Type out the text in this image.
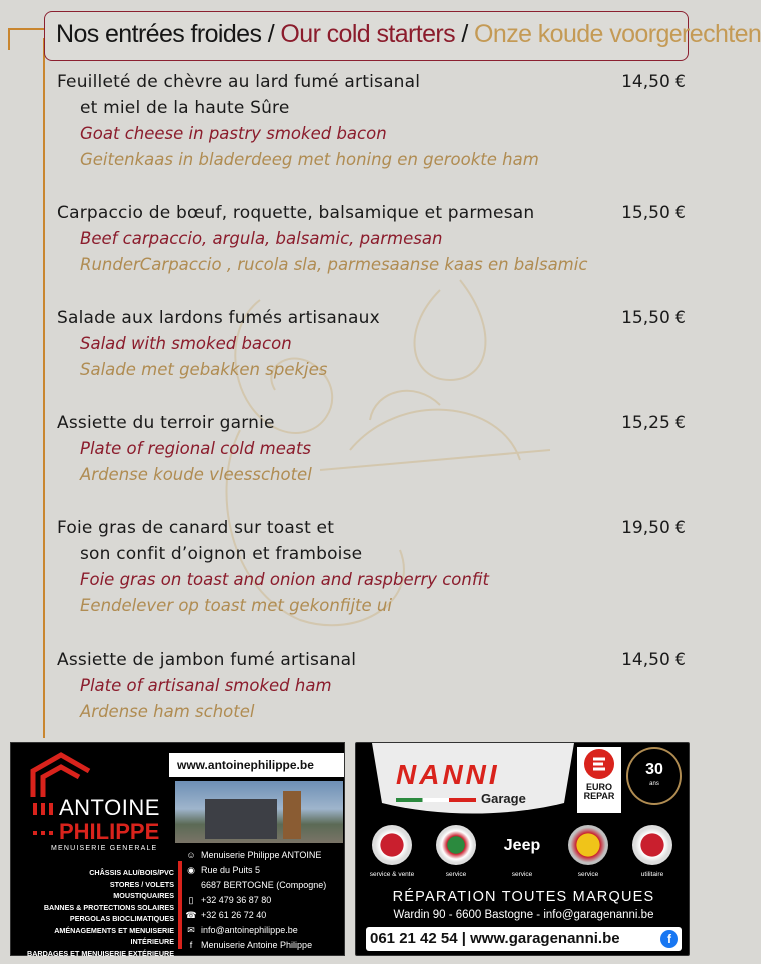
Nos entrées froides / Our cold starters / Onze koude voorgerechten
Feuilleté de chèvre au lard fumé artisanal
et miel de la haute Sûre
Goat cheese in pastry smoked bacon
Geitenkaas in bladerdeeg met honing en gerookte ham
14,50 €
Carpaccio de bœuf, roquette, balsamique et parmesan
Beef carpaccio, argula, balsamic, parmesan
RunderCarpaccio , rucola sla, parmesaanse kaas en balsamic
15,50 €
Salade aux lardons fumés artisanaux
Salad with smoked bacon
Salade met gebakken spekjes
15,50 €
Assiette du terroir garnie
Plate of regional cold meats
Ardense koude vleesschotel
15,25 €
Foie gras de canard sur toast et
son confit d’oignon et framboise
Foie gras on toast and onion and raspberry confit
Eendelever op toast met gekonfijte ui
19,50 €
Assiette de jambon fumé artisanal
Plate of artisanal smoked ham
Ardense ham schotel
14,50 €
ANTOINE
PHILIPPE
MENUISERIE GENERALE
www.antoinephilippe.be
CHÂSSIS ALU/BOIS/PVC
STORES / VOLETS
MOUSTIQUAIRES
BANNES & PROTECTIONS SOLAIRES
PERGOLAS BIOCLIMATIQUES
AMÉNAGEMENTS ET MENUISERIE INTÉRIEURE
BARDAGES ET MENUISERIE EXTÉRIEURE
☺ Menuiserie Philippe ANTOINE
◉ Rue du Puits 5
6687 BERTOGNE (Compogne)
▯ +32 479 36 87 80
☎ +32 61 26 72 40
✉ info@antoinephilippe.be
f Menuiserie Antoine Philippe
NANNI
Garage
EURO REPAR
30
ans
service & vente	service
Jeep
service	service	utilitaire
RÉPARATION TOUTES MARQUES
Wardin 90 - 6600 Bastogne - info@garagenanni.be
061 21 42 54 | www.garagenanni.be	f
